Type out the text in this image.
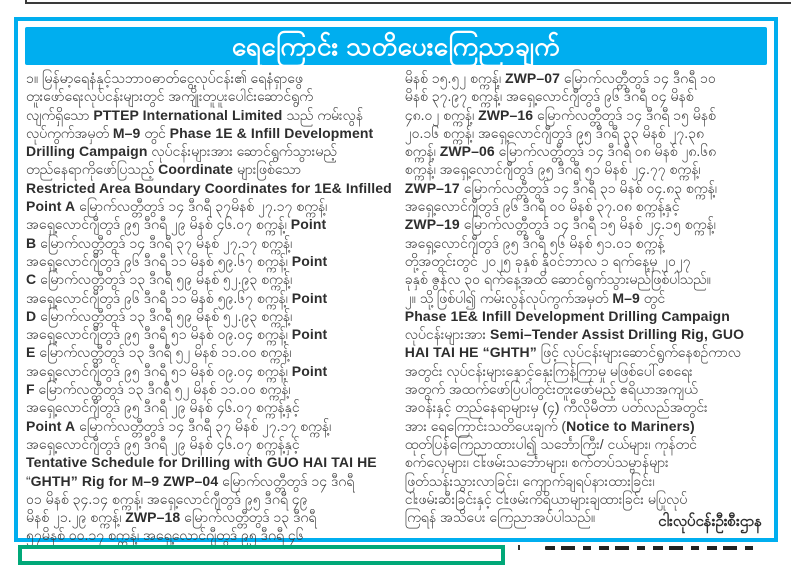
ရေကြောင်း သတိပေးကြေညာချက်
၁။ မြန်မာ့ရေနံနှင့်သဘာဝဓာတ်ငွေ့လုပ်ငန်း၏ ရေနံရှာဖွေ
တူးဖော်ရေးလုပ်ငန်းများတွင် အကျိုးတူပူးပေါင်းဆောင်ရွက်
လျက်ရှိသော PTTEP International Limited သည် ကမ်းလွန်
လုပ်ကွက်အမှတ် M–9 တွင် Phase 1E & Infill Development
Drilling Campaign လုပ်ငန်းများအား ဆောင်ရွက်သွားမည့်
တည်နေရာကိုဖော်ပြသည့် Coordinate များဖြစ်သော
Restricted Area Boundary Coordinates for 1E& Infilled
Point A မြောက်လတ္တီတွဒ် ၁၄ ဒီဂရီ ၃၇မိနစ် ၂၇.၁၇ စက္ကန့်၊
အရှေ့လောင်ဂျီတွဒ် ၉၅ ဒီဂရီ ၂၉ မိနစ် ၄၆.၀၇ စက္ကန့်၊ Point
B မြောက်လတ္တီတွဒ် ၁၄ ဒီဂရီ ၃၇ မိနစ် ၂၇.၁၇ စက္ကန့်၊
အရှေ့လောင်ဂျီတွဒ် ၉၆ ဒီဂရီ ၁၁ မိနစ် ၅၉.၆၇ စက္ကန့်၊ Point
C မြောက်လတ္တီတွဒ် ၁၃ ဒီဂရီ ၅၉ မိနစ် ၅၂.၉၃ စက္ကန့်၊
အရှေ့လောင်ဂျီတွဒ် ၉၆ ဒီဂရီ ၁၁ မိနစ် ၅၉.၆၇ စက္ကန့်၊ Point
D မြောက်လတ္တီတွဒ် ၁၃ ဒီဂရီ ၅၉ မိနစ် ၅၂.၉၃ စက္ကန့်၊
အရှေ့လောင်ဂျီတွဒ် ၉၅ ဒီဂရီ ၅၁ မိနစ် ၀၉.၀၄ စက္ကန့်၊ Point
E မြောက်လတ္တီတွဒ် ၁၃ ဒီဂရီ ၅၂ မိနစ် ၁၁.၀၀ စက္ကန့်၊
အရှေ့လောင်ဂျီတွဒ် ၉၅ ဒီဂရီ ၅၁ မိနစ် ၀၉.၀၄ စက္ကန့်၊ Point
F မြောက်လတ္တီတွဒ် ၁၃ ဒီဂရီ ၅၂ မိနစ် ၁၁.၀၀ စက္ကန့်၊
အရှေ့လောင်ဂျီတွဒ် ၉၅ ဒီဂရီ ၂၉ မိနစ် ၄၆.၀၇ စက္ကန့်နှင့်
Point A မြောက်လတ္တီတွဒ် ၁၄ ဒီဂရီ ၃၇ မိနစ် ၂၇.၁၇ စက္ကန့်၊
အရှေ့လောင်ဂျီတွဒ် ၉၅ ဒီဂရီ ၂၉ မိနစ် ၄၆.၀၇ စက္ကန့်နှင့်
Tentative Schedule for Drilling with GUO HAI TAI HE
“GHTH” Rig for M–9 ZWP–04 မြောက်လတ္တီတွဒ် ၁၄ ဒီဂရီ
၀၁ မိနစ် ၃၄.၁၄ စက္ကန့်၊ အရှေ့လောင်ဂျီတွဒ် ၉၅ ဒီဂရီ ၄၉
မိနစ် ၂၁.၂၉ စက္ကန့်၊ ZWP–18 မြောက်လတ္တီတွဒ် ၁၃ ဒီဂရီ
၅၇မိနစ် ၀၀.၁၇ စက္ကန့်၊ အရှေ့လောင်ဂျီတွဒ် ၉၅ ဒီဂရီ ၄၆
မိနစ် ၁၅.၅၂ စက္ကန့်၊ ZWP–07 မြောက်လတ္တီတွဒ် ၁၄ ဒီဂရီ ၁၀
မိနစ် ၃၇.၉၇ စက္ကန့်၊ အရှေ့လောင်ဂျီတွဒ် ၉၆ ဒီဂရီ ၀၄ မိနစ်
၄၈.၀၂ စက္ကန့်၊ ZWP–16 မြောက်လတ္တီတွဒ် ၁၄ ဒီဂရီ ၁၅ မိနစ်
၂၀.၁၆ စက္ကန့်၊ အရှေ့လောင်ဂျီတွဒ် ၉၅ ဒီဂရီ ၃၃ မိနစ် ၂၇.၃၈
စက္ကန့်၊ ZWP–06 မြောက်လတ္တီတွဒ် ၁၄ ဒီဂရီ ၀၈ မိနစ် ၂၈.၆၈
စက္ကန့်၊ အရှေ့လောင်ဂျီတွဒ် ၉၅ ဒီဂရီ ၅၁ မိနစ် ၂၄.၇၇ စက္ကန့်၊
ZWP–17 မြောက်လတ္တီတွဒ် ၁၄ ဒီဂရီ ၃၁ မိနစ် ၀၄.၈၃ စက္ကန့်၊
အရှေ့လောင်ဂျီတွဒ် ၉၆ ဒီဂရီ ၀၀ မိနစ် ၃၇.၀၈ စက္ကန့်နှင့်
ZWP–19 မြောက်လတ္တီတွဒ် ၁၄ ဒီဂရီ ၁၅ မိနစ် ၂၄.၁၅ စက္ကန့်၊
အရှေ့လောင်ဂျီတွဒ် ၉၅ ဒီဂရီ ၅၆ မိနစ် ၅၁.၀၁ စက္ကန့်
တို့အတွင်းတွင် ၂၀၂၅ ခုနှစ် နိုဝင်ဘာလ ၁ ရက်နေ့မှ ၂၀၂၇
ခုနှစ် ဇွန်လ ၃၀ ရက်နေ့အထိ ဆောင်ရွက်သွားမည်ဖြစ်ပါသည်။
၂။ သို့ဖြစ်ပါ၍ ကမ်းလွန်လုပ်ကွက်အမှတ် M–9 တွင်
Phase 1E& Infill Development Drilling Campaign
လုပ်ငန်းများအား Semi–Tender Assist Drilling Rig, GUO
HAI TAI HE “GHTH” ဖြင့် လုပ်ငန်းများဆောင်ရွက်နေစဉ်ကာလ
အတွင်း လုပ်ငန်းများနှောင့်နှေးကြန့်ကြာမှု မဖြစ်ပေါ်စေရေး
အတွက် အထက်ဖော်ပြပါတွင်းတူးဖော်မည့် ဧရိယာအကျယ်
အဝန်းနှင့် တည်နေရာများမှ (၄) ကီလိုမီတာ ပတ်လည်အတွင်း
အား ရေကြောင်းသတိပေးချက် (Notice to Mariners)
ထုတ်ပြန်ကြေညာထားပါ၍ သင်္ဘောကြီး/ ငယ်များ၊ ကုန်တင်
စက်လှေများ၊ ငါးဖမ်းသင်္ဘောများ၊ စက်တပ်သမ္ဗာန်များ
ဖြတ်သန်းသွားလာခြင်း၊ ကျောက်ချရပ်နားထားခြင်း၊
ငါးဖမ်းဆီးခြင်းနှင့် ငါးဖမ်းကိရိယာများချထားခြင်း မပြုလုပ်
ကြရန် အသိပေး ကြေညာအပ်ပါသည်။	ငါးလုပ်ငန်းဦးစီးဌာန
